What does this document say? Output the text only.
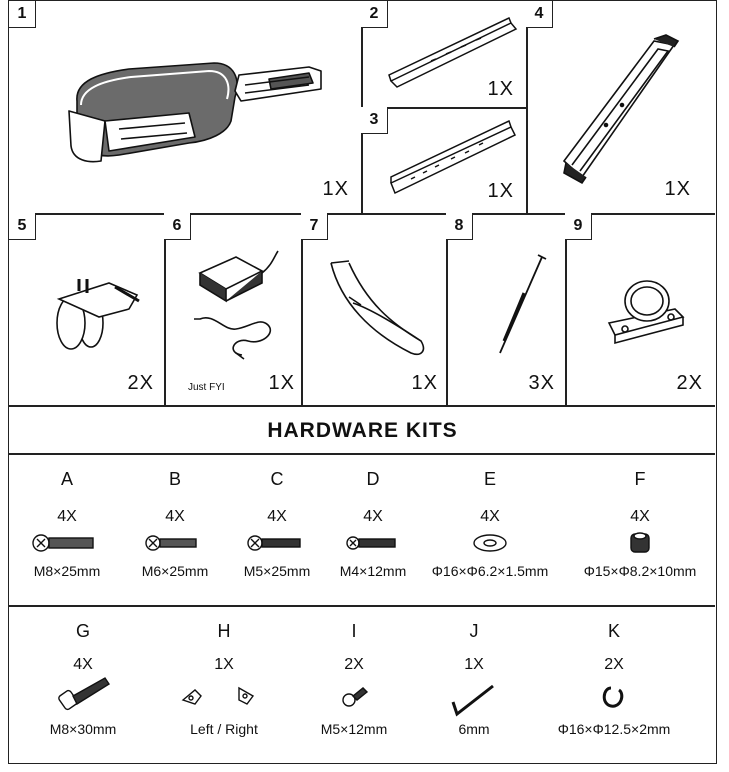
1
1X
2
1X
3
1X
4
1X
5
2X
6
Just FYI 1X
7
1X
8
3X
9
2X
HARDWARE KITS
A
4X
M8×25mm
B
4X
M6×25mm
C
4X
M5×25mm
D
4X
M4×12mm
E
4X
Φ16×Φ6.2×1.5mm
F
4X
Φ15×Φ8.2×10mm
G
4X
M8×30mm
H
1X
Left / Right
I
2X
M5×12mm
J
1X
6mm
K
2X
Φ16×Φ12.5×2mm
